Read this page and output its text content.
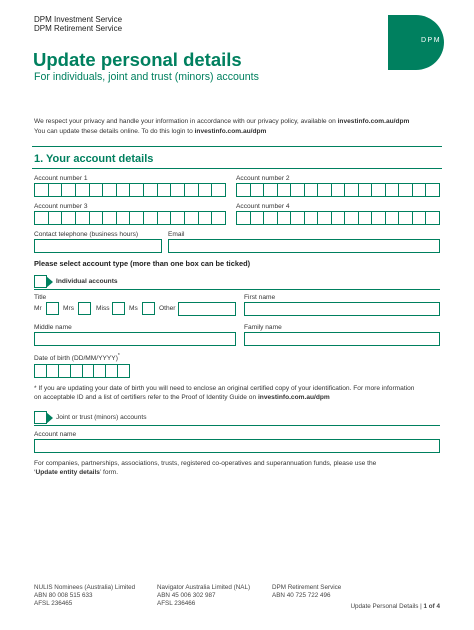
DPM Investment Service
DPM Retirement Service
DPM
Update personal details
For individuals, joint and trust (minors) accounts
We respect your privacy and handle your information in accordance with our privacy policy, available on investinfo.com.au/dpm
You can update these details online. To do this login to investinfo.com.au/dpm
1. Your account details
Account number 1	Account number 2
Account number 3	Account number 4
Contact telephone (business hours)	Email
Please select account type (more than one box can be ticked)
Individual accounts
Title
Mr	Mrs	Miss	Ms	Other
First name
Middle name	Family name
Date of birth (DD/MM/YYYY)*
* If you are updating your date of birth you will need to enclose an original certified copy of your identification. For more information
on acceptable ID and a list of certifiers refer to the Proof of Identity Guide on investinfo.com.au/dpm
Joint or trust (minors) accounts
Account name
For companies, partnerships, associations, trusts, registered co-operatives and superannuation funds, please use the
‘Update entity details’ form.
NULIS Nominees (Australia) Limited
ABN 80 008 515 633
AFSL 236465
Navigator Australia Limited (NAL)
ABN 45 006 302 987
AFSL 236466
DPM Retirement Service
ABN 40 725 722 496
Update Personal Details | 1 of 4
